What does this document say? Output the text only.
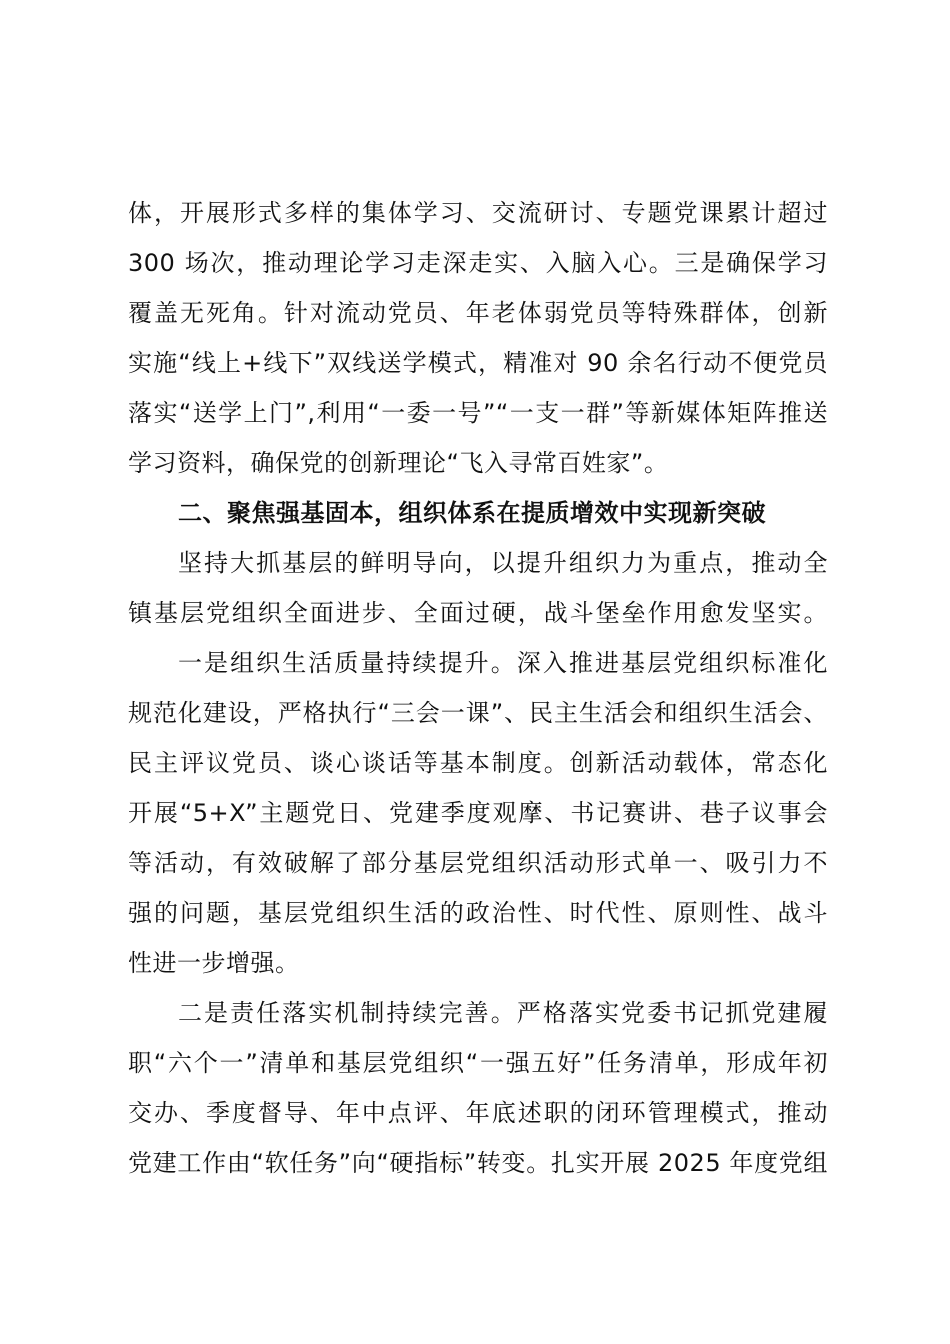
体，开展形式多样的集体学习、交流研讨、专题党课累计超过
300 场次，推动理论学习走深走实、入脑入心。三是确保学习
覆盖无死角。针对流动党员、年老体弱党员等特殊群体，创新
实施“线上+线下”双线送学模式，精准对 90 余名行动不便党员
落实“送学上门”,利用“一委一号”“一支一群”等新媒体矩阵推送
学习资料，确保党的创新理论“飞入寻常百姓家”。
二、聚焦强基固本，组织体系在提质增效中实现新突破
坚持大抓基层的鲜明导向，以提升组织力为重点，推动全
镇基层党组织全面进步、全面过硬，战斗堡垒作用愈发坚实。
一是组织生活质量持续提升。深入推进基层党组织标准化
规范化建设，严格执行“三会一课”、民主生活会和组织生活会、
民主评议党员、谈心谈话等基本制度。创新活动载体，常态化
开展“5+X”主题党日、党建季度观摩、书记赛讲、巷子议事会
等活动，有效破解了部分基层党组织活动形式单一、吸引力不
强的问题，基层党组织生活的政治性、时代性、原则性、战斗
性进一步增强。
二是责任落实机制持续完善。严格落实党委书记抓党建履
职“六个一”清单和基层党组织“一强五好”任务清单，形成年初
交办、季度督导、年中点评、年底述职的闭环管理模式，推动
党建工作由“软任务”向“硬指标”转变。扎实开展 2025 年度党组
